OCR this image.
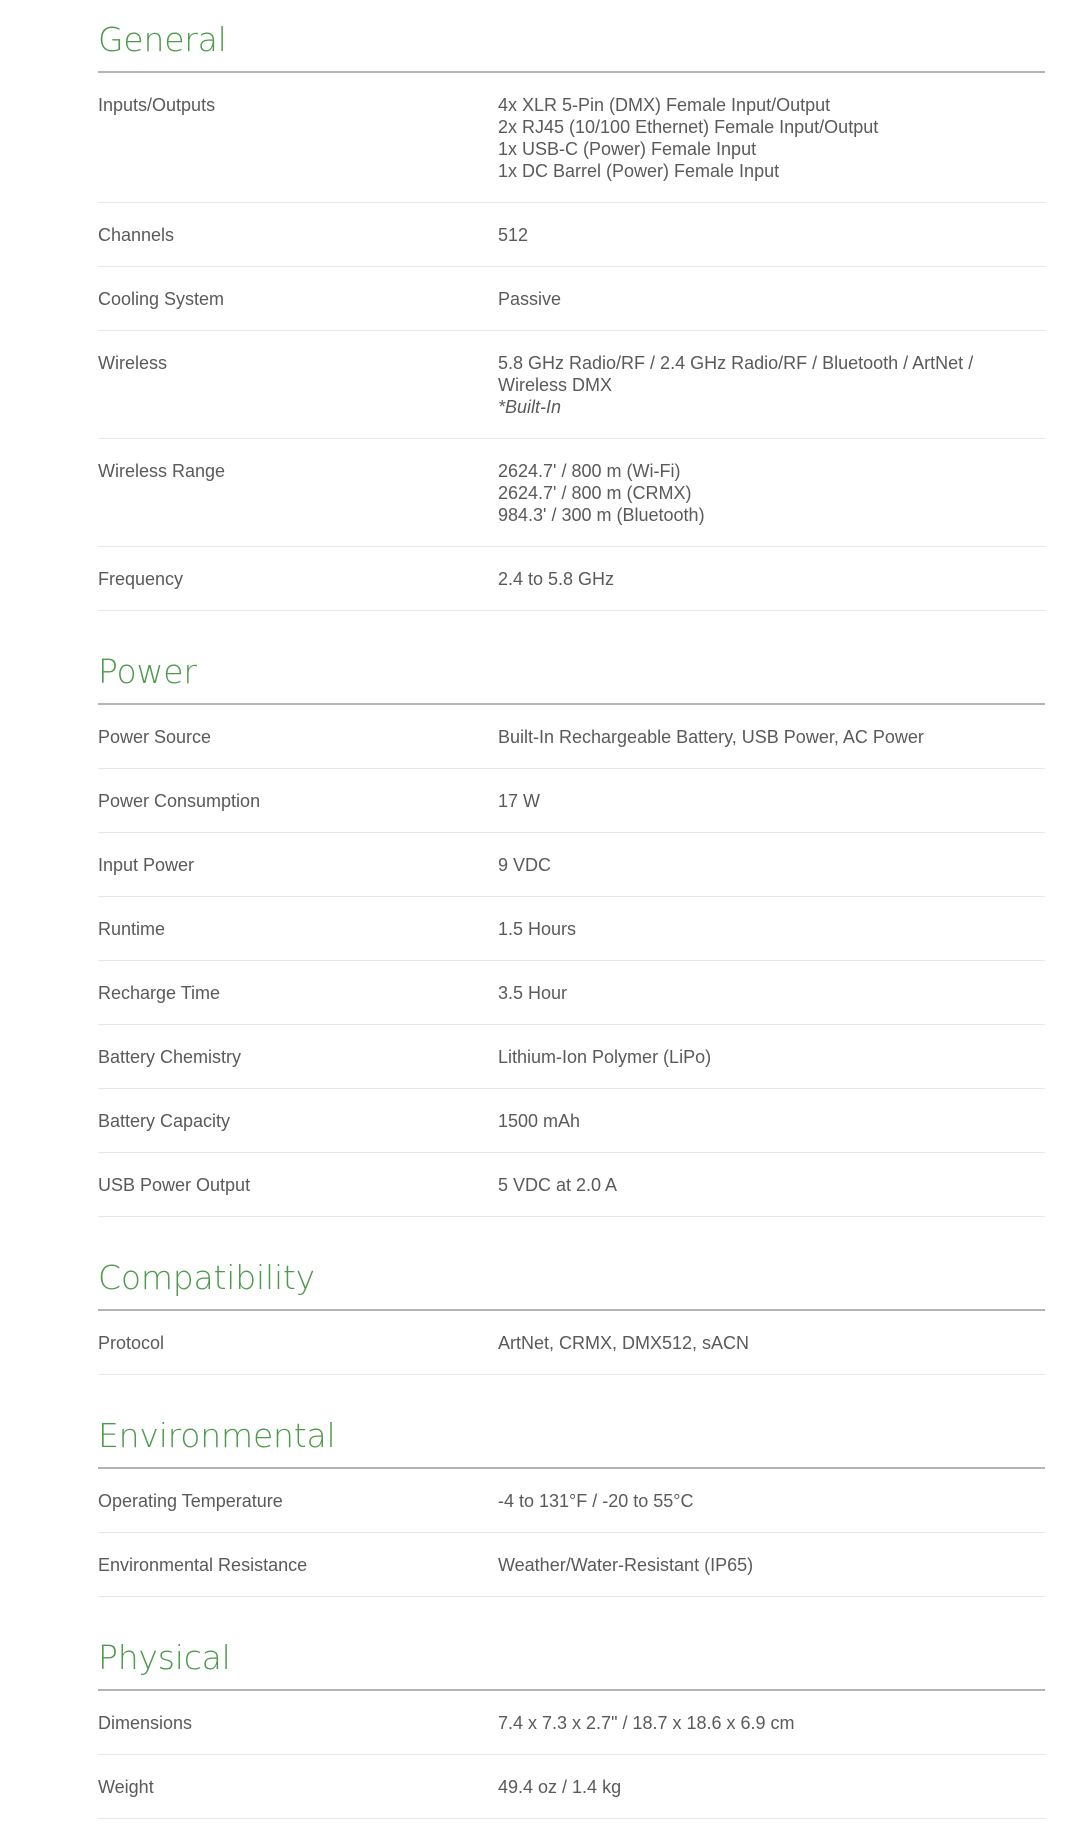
General
Inputs/Outputs	4x XLR 5-Pin (DMX) Female Input/Output
2x RJ45 (10/100 Ethernet) Female Input/Output
1x USB-C (Power) Female Input
1x DC Barrel (Power) Female Input
Channels	512
Cooling System	Passive
Wireless	5.8 GHz Radio/RF / 2.4 GHz Radio/RF / Bluetooth / ArtNet /
Wireless DMX
*Built-In
Wireless Range	2624.7' / 800 m (Wi-Fi)
2624.7' / 800 m (CRMX)
984.3' / 300 m (Bluetooth)
Frequency	2.4 to 5.8 GHz
Power
Power Source	Built-In Rechargeable Battery, USB Power, AC Power
Power Consumption	17 W
Input Power	9 VDC
Runtime	1.5 Hours
Recharge Time	3.5 Hour
Battery Chemistry	Lithium-Ion Polymer (LiPo)
Battery Capacity	1500 mAh
USB Power Output	5 VDC at 2.0 A
Compatibility
Protocol	ArtNet, CRMX, DMX512, sACN
Environmental
Operating Temperature	-4 to 131°F / -20 to 55°C
Environmental Resistance	Weather/Water-Resistant (IP65)
Physical
Dimensions	7.4 x 7.3 x 2.7" / 18.7 x 18.6 x 6.9 cm
Weight	49.4 oz / 1.4 kg
